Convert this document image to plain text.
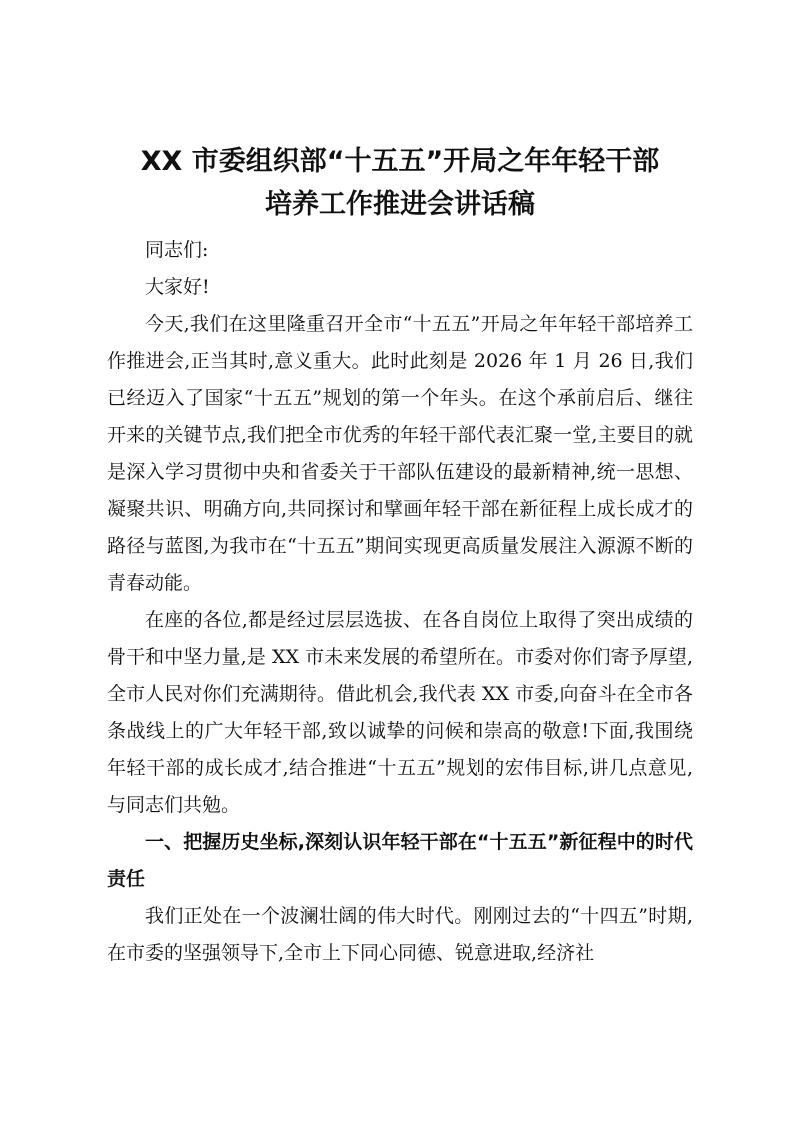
XX 市委组织部“十五五”开局之年年轻干部
培养工作推进会讲话稿

同志们:

大家好!

今天,我们在这里隆重召开全市“十五五”开局之年年轻干部培养工作推进会,正当其时,意义重大。此时此刻是 2026 年 1 月 26 日,我们已经迈入了国家“十五五”规划的第一个年头。在这个承前启后、继往开来的关键节点,我们把全市优秀的年轻干部代表汇聚一堂,主要目的就是深入学习贯彻中央和省委关于干部队伍建设的最新精神,统一思想、凝聚共识、明确方向,共同探讨和擘画年轻干部在新征程上成长成才的路径与蓝图,为我市在“十五五”期间实现更高质量发展注入源源不断的青春动能。

在座的各位,都是经过层层选拔、在各自岗位上取得了突出成绩的骨干和中坚力量,是 XX 市未来发展的希望所在。市委对你们寄予厚望,全市人民对你们充满期待。借此机会,我代表 XX 市委,向奋斗在全市各条战线上的广大年轻干部,致以诚挚的问候和崇高的敬意!下面,我围绕年轻干部的成长成才,结合推进“十五五”规划的宏伟目标,讲几点意见,与同志们共勉。

一、把握历史坐标,深刻认识年轻干部在“十五五”新征程中的时代责任

我们正处在一个波澜壮阔的伟大时代。刚刚过去的“十四五”时期,在市委的坚强领导下,全市上下同心同德、锐意进取,经济社
